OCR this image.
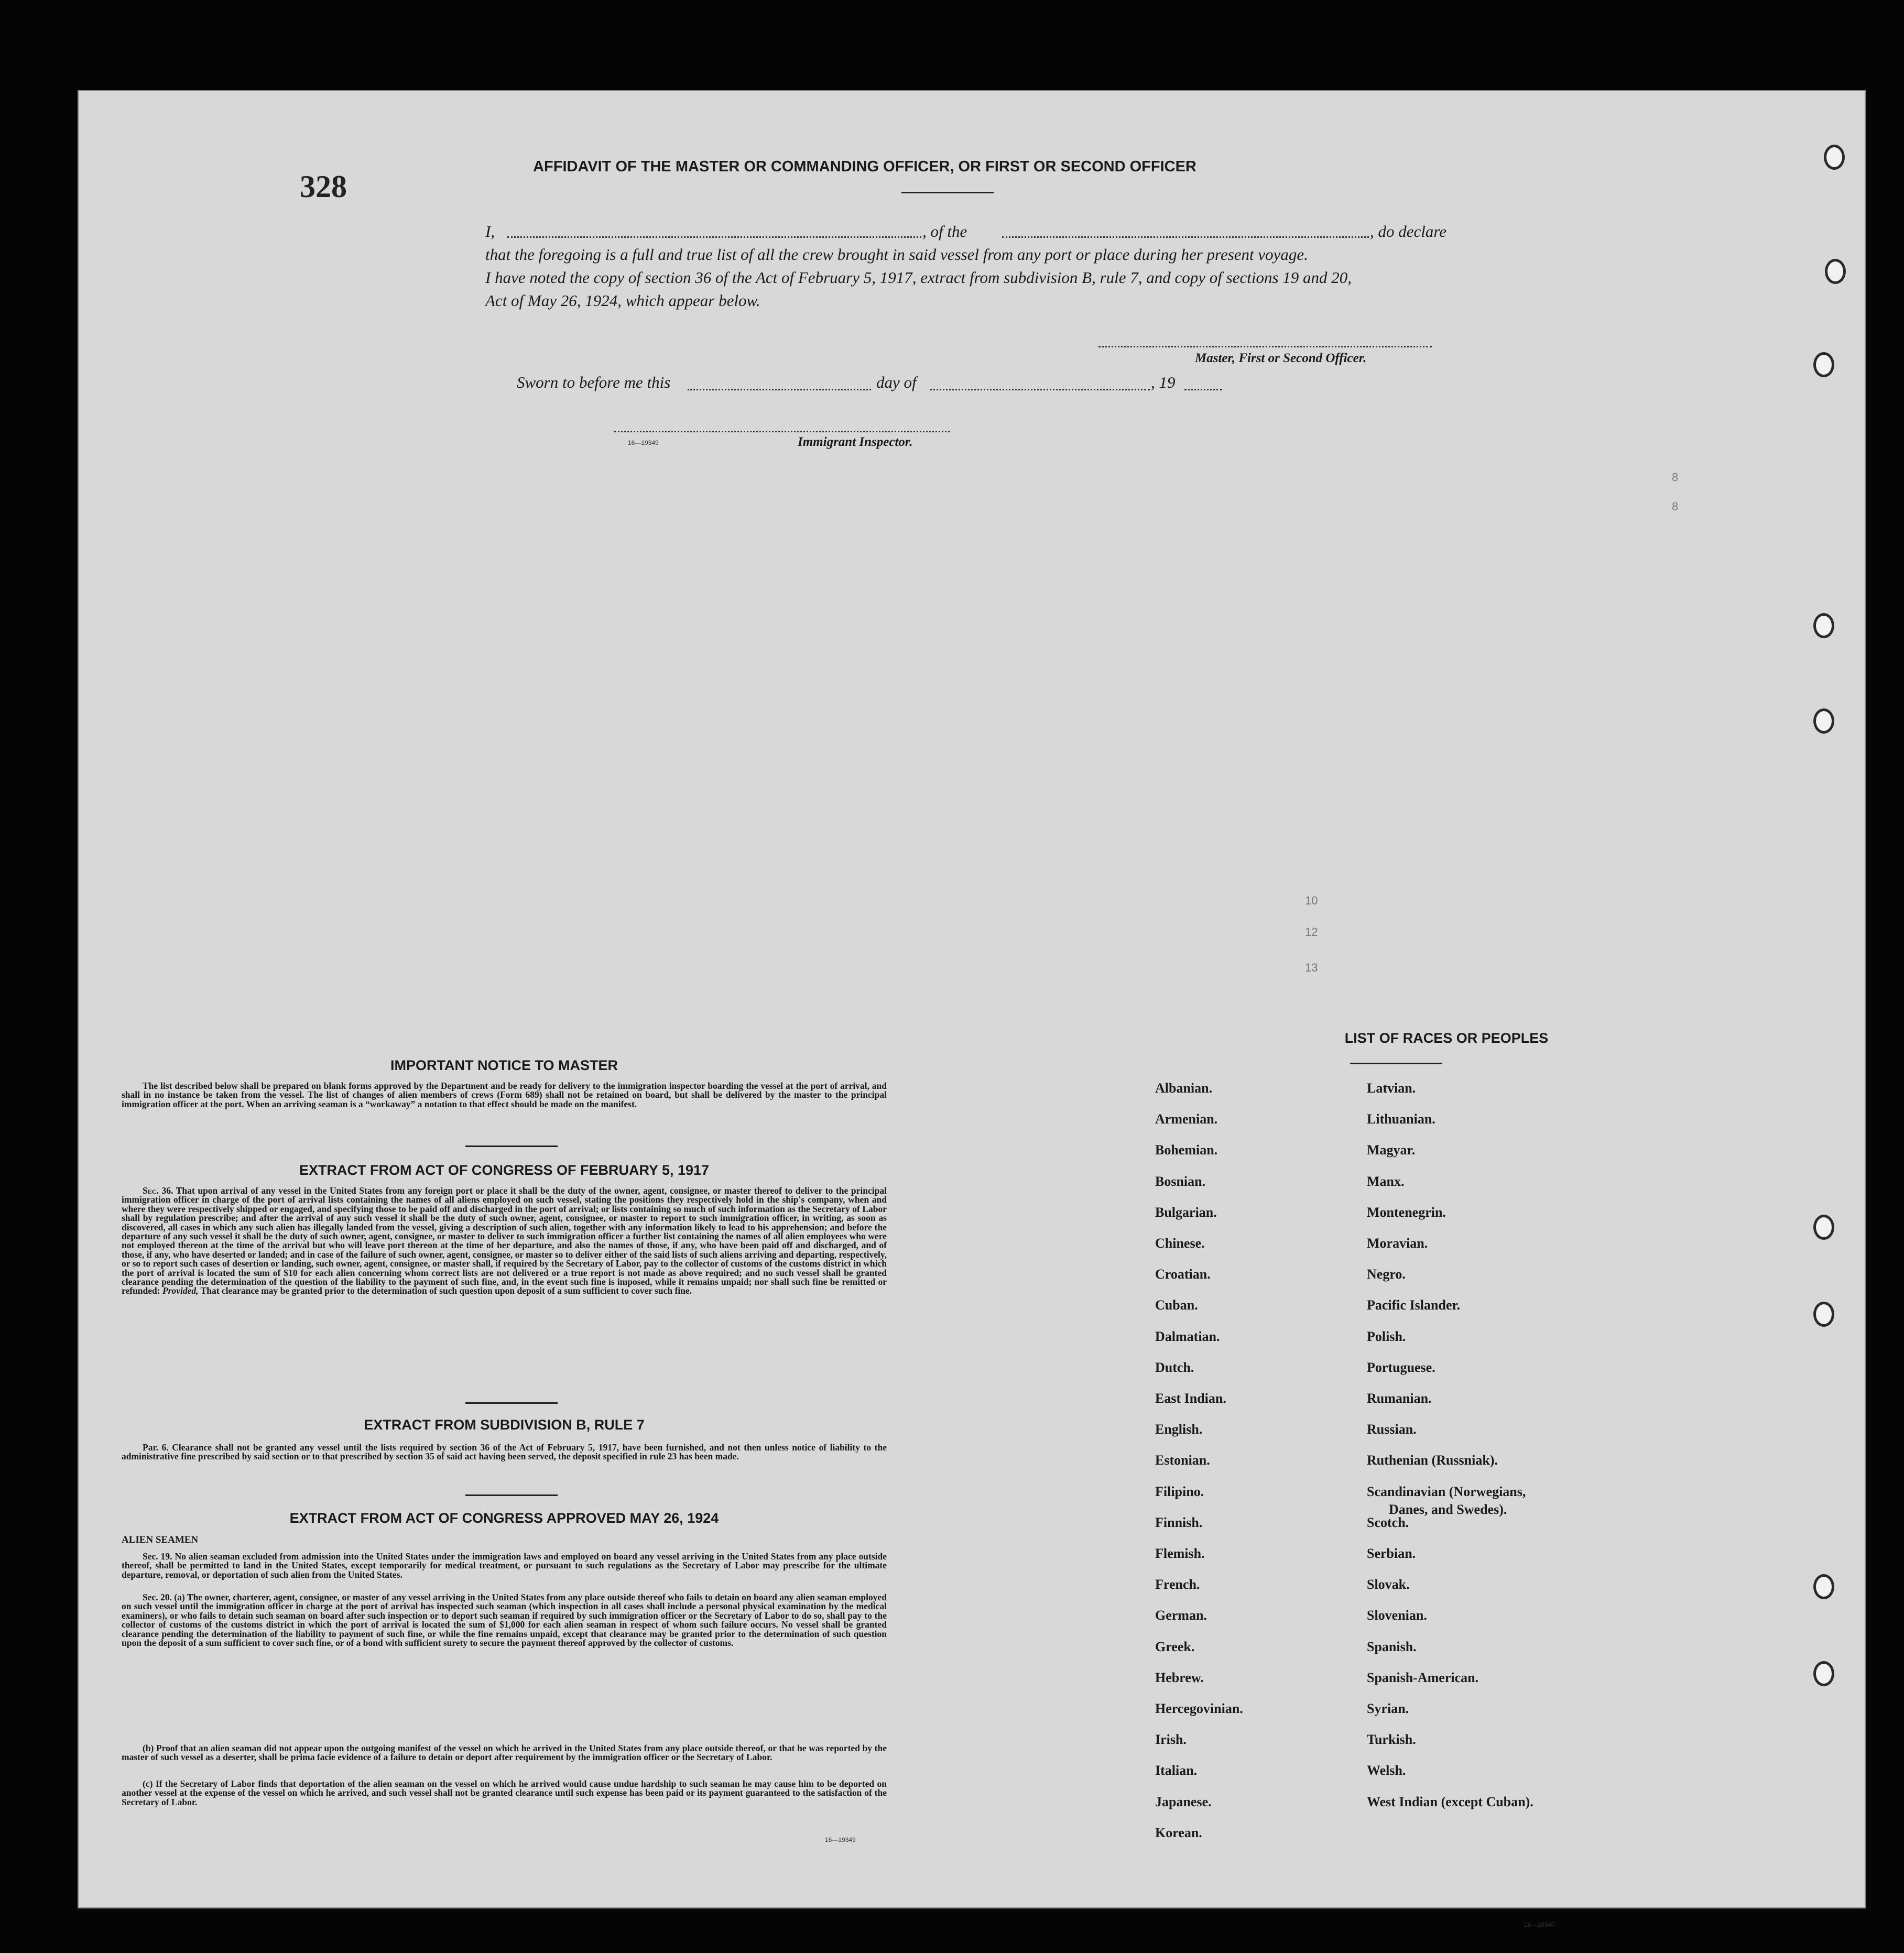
328
AFFIDAVIT OF THE MASTER OR COMMANDING OFFICER, OR FIRST OR SECOND OFFICER
I,	, of the	, do declare
that the foregoing is a full and true list of all the crew brought in said vessel from any port or place during her present voyage.
I have noted the copy of section 36 of the Act of February 5, 1917, extract from subdivision B, rule 7, and copy of sections 19 and 20,
Act of May 26, 1924, which appear below.
Master, First or Second Officer.
Sworn to before me this	day of	, 19
16—19349	Immigrant Inspector.
IMPORTANT NOTICE TO MASTER
The list described below shall be prepared on blank forms approved by the Department and be ready for delivery to the immigration inspector boarding the vessel at the port of arrival, and shall in no instance be taken from the vessel. The list of changes of alien members of crews (Form 689) shall not be retained on board, but shall be delivered by the master to the principal immigration officer at the port. When an arriving seaman is a “workaway” a notation to that effect should be made on the manifest.
EXTRACT FROM ACT OF CONGRESS OF FEBRUARY 5, 1917
Sec. 36. That upon arrival of any vessel in the United States from any foreign port or place it shall be the duty of the owner, agent, consignee, or master thereof to deliver to the principal immigration officer in charge of the port of arrival lists containing the names of all aliens employed on such vessel, stating the positions they respectively hold in the ship's company, when and where they were respectively shipped or engaged, and specifying those to be paid off and discharged in the port of arrival; or lists containing so much of such information as the Secretary of Labor shall by regulation prescribe; and after the arrival of any such vessel it shall be the duty of such owner, agent, consignee, or master to report to such immigration officer, in writing, as soon as discovered, all cases in which any such alien has illegally landed from the vessel, giving a description of such alien, together with any information likely to lead to his apprehension; and before the departure of any such vessel it shall be the duty of such owner, agent, consignee, or master to deliver to such immigration officer a further list containing the names of all alien employees who were not employed thereon at the time of the arrival but who will leave port thereon at the time of her departure, and also the names of those, if any, who have been paid off and discharged, and of those, if any, who have deserted or landed; and in case of the failure of such owner, agent, consignee, or master so to deliver either of the said lists of such aliens arriving and departing, respectively, or so to report such cases of desertion or landing, such owner, agent, consignee, or master shall, if required by the Secretary of Labor, pay to the collector of customs of the customs district in which the port of arrival is located the sum of $10 for each alien concerning whom correct lists are not delivered or a true report is not made as above required; and no such vessel shall be granted clearance pending the determination of the question of the liability to the payment of such fine, and, in the event such fine is imposed, while it remains unpaid; nor shall such fine be remitted or refunded: Provided, That clearance may be granted prior to the determination of such question upon deposit of a sum sufficient to cover such fine.
EXTRACT FROM SUBDIVISION B, RULE 7
Par. 6. Clearance shall not be granted any vessel until the lists required by section 36 of the Act of February 5, 1917, have been furnished, and not then unless notice of liability to the administrative fine prescribed by said section or to that prescribed by section 35 of said act having been served, the deposit specified in rule 23 has been made.
EXTRACT FROM ACT OF CONGRESS APPROVED MAY 26, 1924
ALIEN SEAMEN
Sec. 19. No alien seaman excluded from admission into the United States under the immigration laws and employed on board any vessel arriving in the United States from any place outside thereof, shall be permitted to land in the United States, except temporarily for medical treatment, or pursuant to such regulations as the Secretary of Labor may prescribe for the ultimate departure, removal, or deportation of such alien from the United States.
Sec. 20. (a) The owner, charterer, agent, consignee, or master of any vessel arriving in the United States from any place outside thereof who fails to detain on board any alien seaman employed on such vessel until the immigration officer in charge at the port of arrival has inspected such seaman (which inspection in all cases shall include a personal physical examination by the medical examiners), or who fails to detain such seaman on board after such inspection or to deport such seaman if required by such immigration officer or the Secretary of Labor to do so, shall pay to the collector of customs of the customs district in which the port of arrival is located the sum of $1,000 for each alien seaman in respect of whom such failure occurs. No vessel shall be granted clearance pending the determination of the liability to payment of such fine, or while the fine remains unpaid, except that clearance may be granted prior to the determination of such question upon the deposit of a sum sufficient to cover such fine, or of a bond with sufficient surety to secure the payment thereof approved by the collector of customs.
(b) Proof that an alien seaman did not appear upon the outgoing manifest of the vessel on which he arrived in the United States from any place outside thereof, or that he was reported by the master of such vessel as a deserter, shall be prima facie evidence of a failure to detain or deport after requirement by the immigration officer or the Secretary of Labor.
(c) If the Secretary of Labor finds that deportation of the alien seaman on the vessel on which he arrived would cause undue hardship to such seaman he may cause him to be deported on another vessel at the expense of the vessel on which he arrived, and such vessel shall not be granted clearance until such expense has been paid or its payment guaranteed to the satisfaction of the Secretary of Labor.
16—19349
LIST OF RACES OR PEOPLES
16—19340
8
8
10
12
13
Albanian.
Armenian.
Bohemian.
Bosnian.
Bulgarian.
Chinese.
Croatian.
Cuban.
Dalmatian.
Dutch.
East Indian.
English.
Estonian.
Filipino.
Finnish.
Flemish.
French.
German.
Greek.
Hebrew.
Hercegovinian.
Irish.
Italian.
Japanese.
Korean.
Latvian.
Lithuanian.
Magyar.
Manx.
Montenegrin.
Moravian.
Negro.
Pacific Islander.
Polish.
Portuguese.
Rumanian.
Russian.
Ruthenian (Russniak).
Scandinavian (Norwegians,
Danes, and Swedes).
Scotch.
Serbian.
Slovak.
Slovenian.
Spanish.
Spanish-American.
Syrian.
Turkish.
Welsh.
West Indian (except Cuban).
